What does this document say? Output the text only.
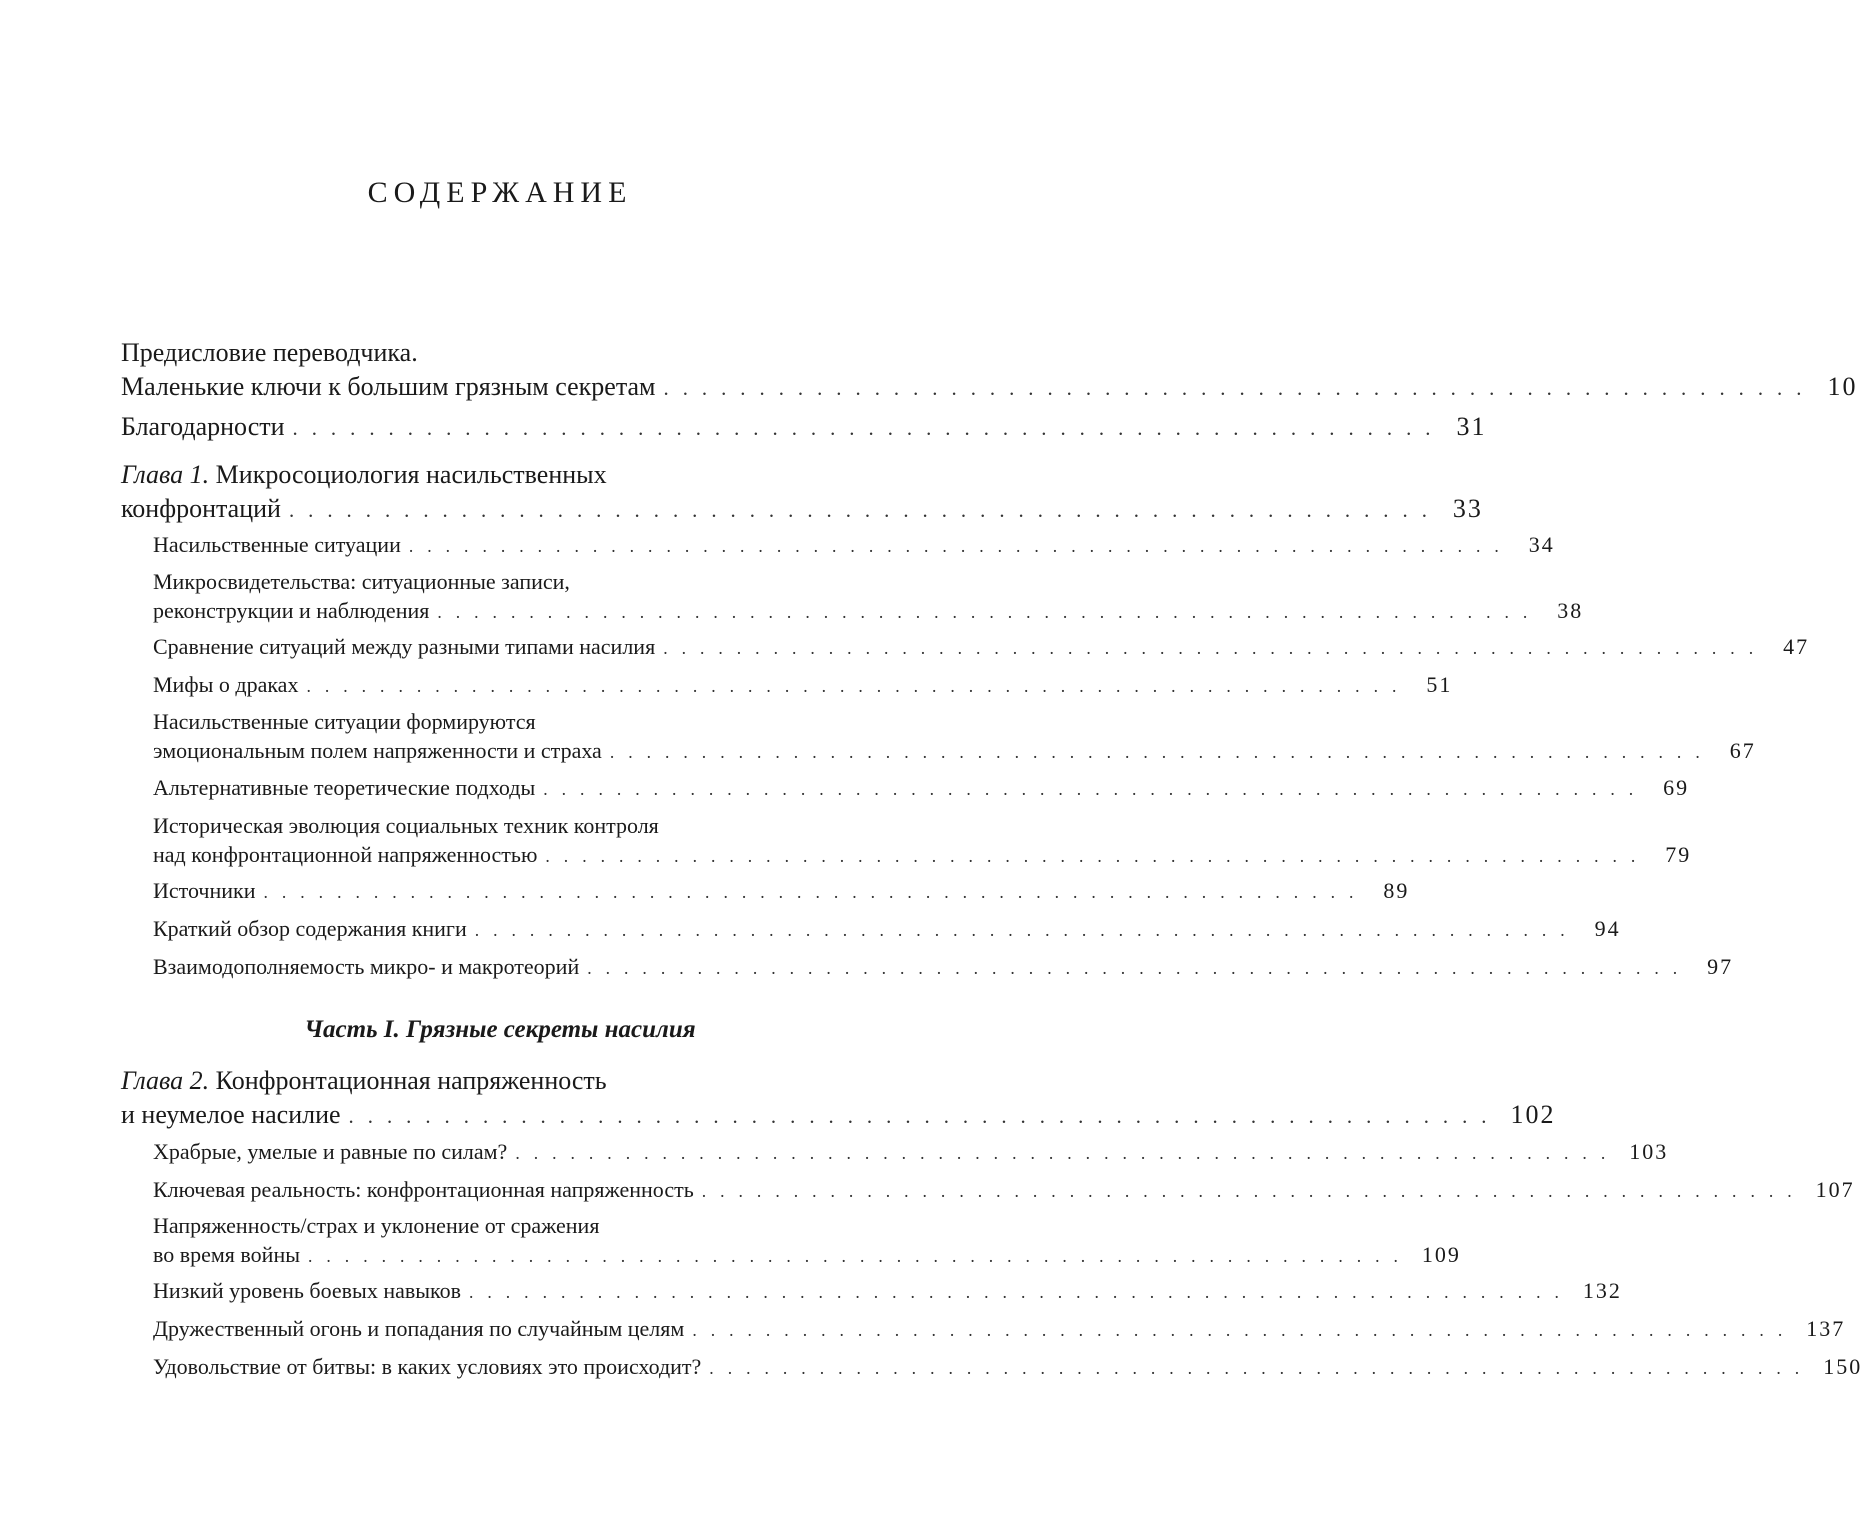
СОДЕРЖАНИЕ
Предисловие переводчика.
Маленькие ключи к большим грязным секретам ............................................................ 10
Благодарности ............................................................ 31
Глава 1. Микросоциология насильственных
конфронтаций ............................................................ 33
Насильственные ситуации ............................................................ 34
Микросвидетельства: ситуационные записи,
реконструкции и наблюдения ............................................................ 38
Сравнение ситуаций между разными типами насилия ............................................................ 47
Мифы о драках ............................................................ 51
Насильственные ситуации формируются
эмоциональным полем напряженности и страха ............................................................ 67
Альтернативные теоретические подходы ............................................................ 69
Историческая эволюция социальных техник контроля
над конфронтационной напряженностью ............................................................ 79
Источники ............................................................ 89
Краткий обзор содержания книги ............................................................ 94
Взаимодополняемость микро- и макротеорий ............................................................ 97
Часть I. Грязные секреты насилия
Глава 2. Конфронтационная напряженность
и неумелое насилие ............................................................ 102
Храбрые, умелые и равные по силам? ............................................................ 103
Ключевая реальность: конфронтационная напряженность ............................................................ 107
Напряженность/страх и уклонение от сражения
во время войны ............................................................ 109
Низкий уровень боевых навыков ............................................................ 132
Дружественный огонь и попадания по случайным целям ............................................................ 137
Удовольствие от битвы: в каких условиях это происходит? ............................................................ 150
